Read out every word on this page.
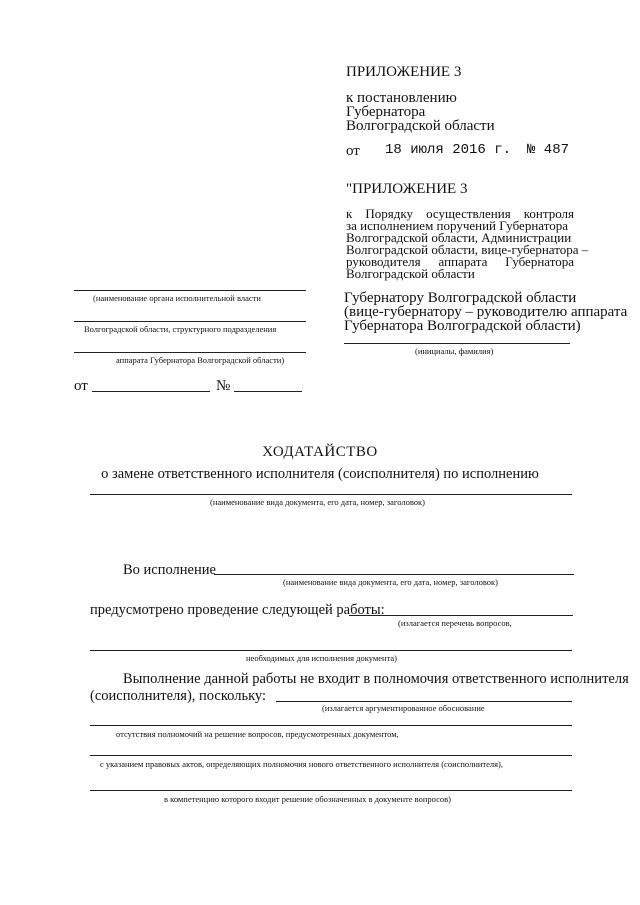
ПРИЛОЖЕНИЕ 3
к постановлению
Губернатора
Волгоградской области
от 18 июля 2016 г. № 487
"ПРИЛОЖЕНИЕ 3
к Порядку осуществления контроля
за исполнением поручений Губернатора
Волгоградской области, Администрации
Волгоградской области, вице-губернатора –
руководителя аппарата Губернатора
Волгоградской области
(наименование органа исполнительной власти
Волгоградской области, структурного подразделения
аппарата Губернатора Волгоградской области)
от	№
Губернатору Волгоградской области
(вице-губернатору – руководителю аппарата
Губернатора Волгоградской области)
(инициалы, фамилия)
ХОДАТАЙСТВО
о замене ответственного исполнителя (соисполнителя) по исполнению
(наименование вида документа, его дата, номер, заголовок)
Во исполнение
(наименование вида документа, его дата, номер, заголовок)
предусмотрено проведение следующей работы:
(излагается перечень вопросов,
необходимых для исполнения документа)
Выполнение данной работы не входит в полномочия ответственного исполнителя
(соисполнителя), поскольку:
(излагается аргументированное обоснование
отсутствия полномочий на решение вопросов, предусмотренных документом,
с указанием правовых актов, определяющих полномочия нового ответственного исполнителя (соисполнителя),
в компетенцию которого входит решение обозначенных в документе вопросов)
